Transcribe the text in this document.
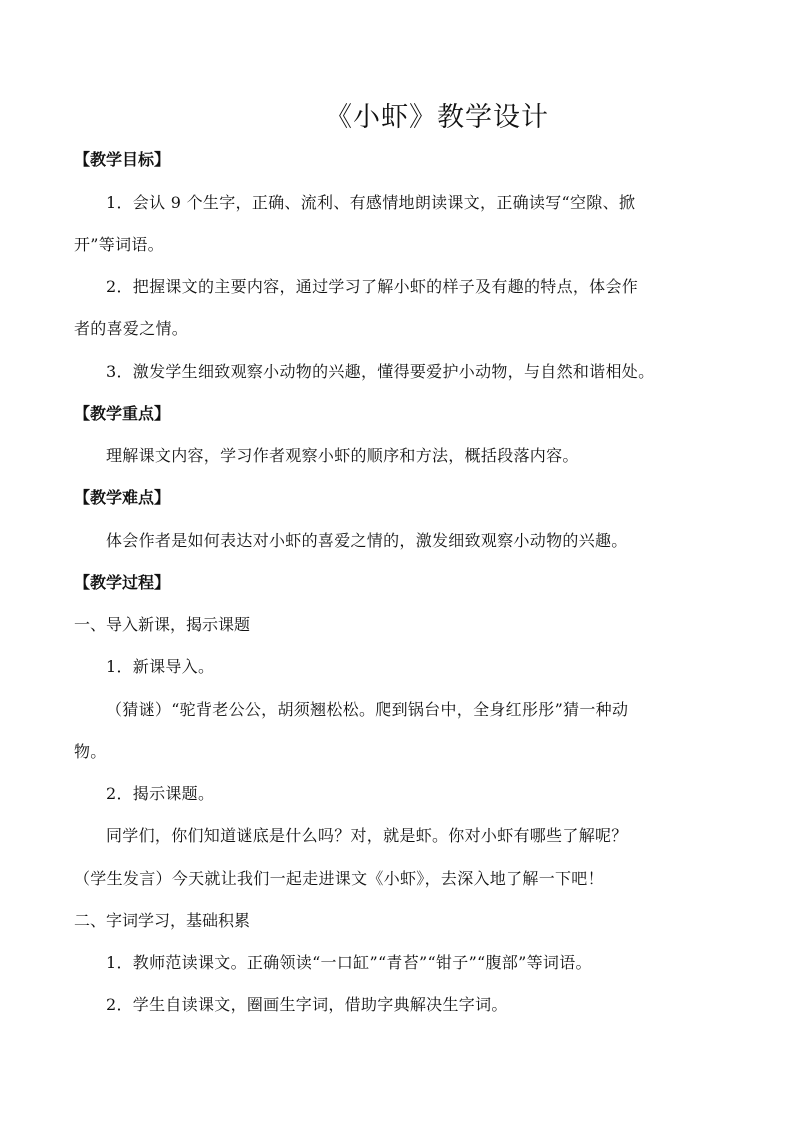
《小虾》教学设计
【教学目标】
1．会认 9 个生字，正确、流利、有感情地朗读课文，正确读写“空隙、掀
开”等词语。
2．把握课文的主要内容，通过学习了解小虾的样子及有趣的特点，体会作
者的喜爱之情。
3．激发学生细致观察小动物的兴趣，懂得要爱护小动物，与自然和谐相处。
【教学重点】
理解课文内容，学习作者观察小虾的顺序和方法，概括段落内容。
【教学难点】
体会作者是如何表达对小虾的喜爱之情的，激发细致观察小动物的兴趣。
【教学过程】
一、导入新课，揭示课题
1．新课导入。
（猜谜）“驼背老公公，胡须翘松松。爬到锅台中，全身红彤彤”猜一种动
物。
2．揭示课题。
同学们，你们知道谜底是什么吗？对，就是虾。你对小虾有哪些了解呢？
（学生发言）今天就让我们一起走进课文《小虾》，去深入地了解一下吧！
二、字词学习，基础积累
1．教师范读课文。正确领读“一口缸”“青苔”“钳子”“腹部”等词语。
2．学生自读课文，圈画生字词，借助字典解决生字词。
